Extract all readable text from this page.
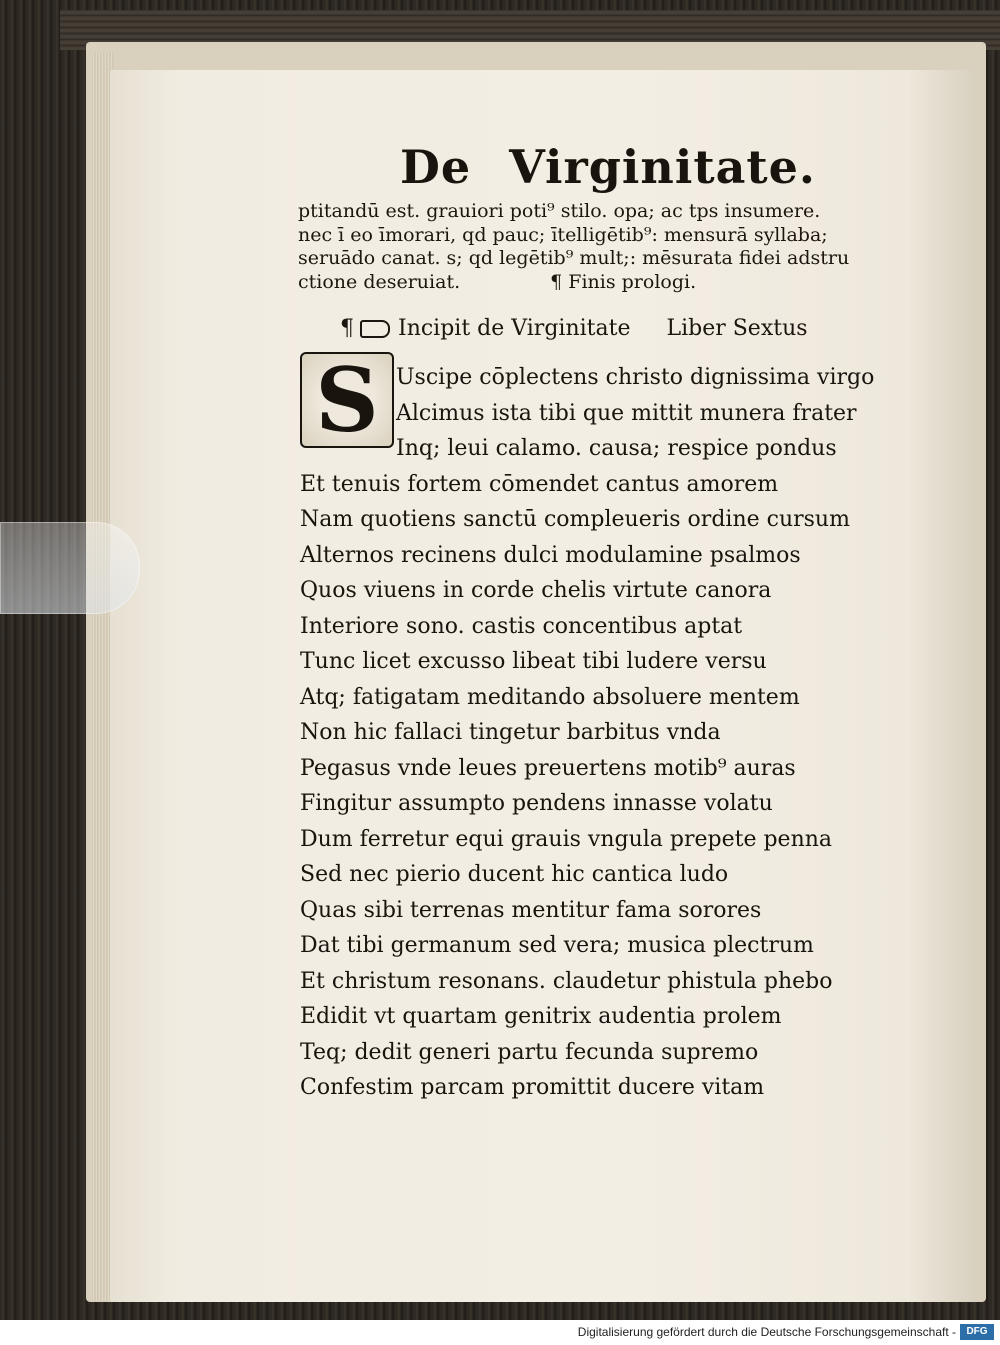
De Virginitate.
ptitandū est. grauiori poti⁹ stilo. opa; ac tps insumere.
nec ī eo īmorari, qd pauc; ītelligētib⁹: mensurā syllaba;
seruādo canat. s; qd legētib⁹ mult;: mēsurata fidei adstru
ctione deseruiat.	¶ Finis prologi.
¶ Incipit de Virginitate Liber Sextus
S Uscipe cōplectens christo dignissima virgo
Alcimus ista tibi que mittit munera frater
Inq; leui calamo. causa; respice pondus
Et tenuis fortem cōmendet cantus amorem
Nam quotiens sanctū compleueris ordine cursum
Alternos recinens dulci modulamine psalmos
Quos viuens in corde chelis virtute canora
Interiore sono. castis concentibus aptat
Tunc licet excusso libeat tibi ludere versu
Atq; fatigatam meditando absoluere mentem
Non hic fallaci tingetur barbitus vnda
Pegasus vnde leues preuertens motib⁹ auras
Fingitur assumpto pendens innasse volatu
Dum ferretur equi grauis vngula prepete penna
Sed nec pierio ducent hic cantica ludo
Quas sibi terrenas mentitur fama sorores
Dat tibi germanum sed vera; musica plectrum
Et christum resonans. claudetur phistula phebo
Edidit vt quartam genitrix audentia prolem
Teq; dedit generi partu fecunda supremo
Confestim parcam promittit ducere vitam
Digitalisierung gefördert durch die Deutsche Forschungsgemeinschaft -	DFG
